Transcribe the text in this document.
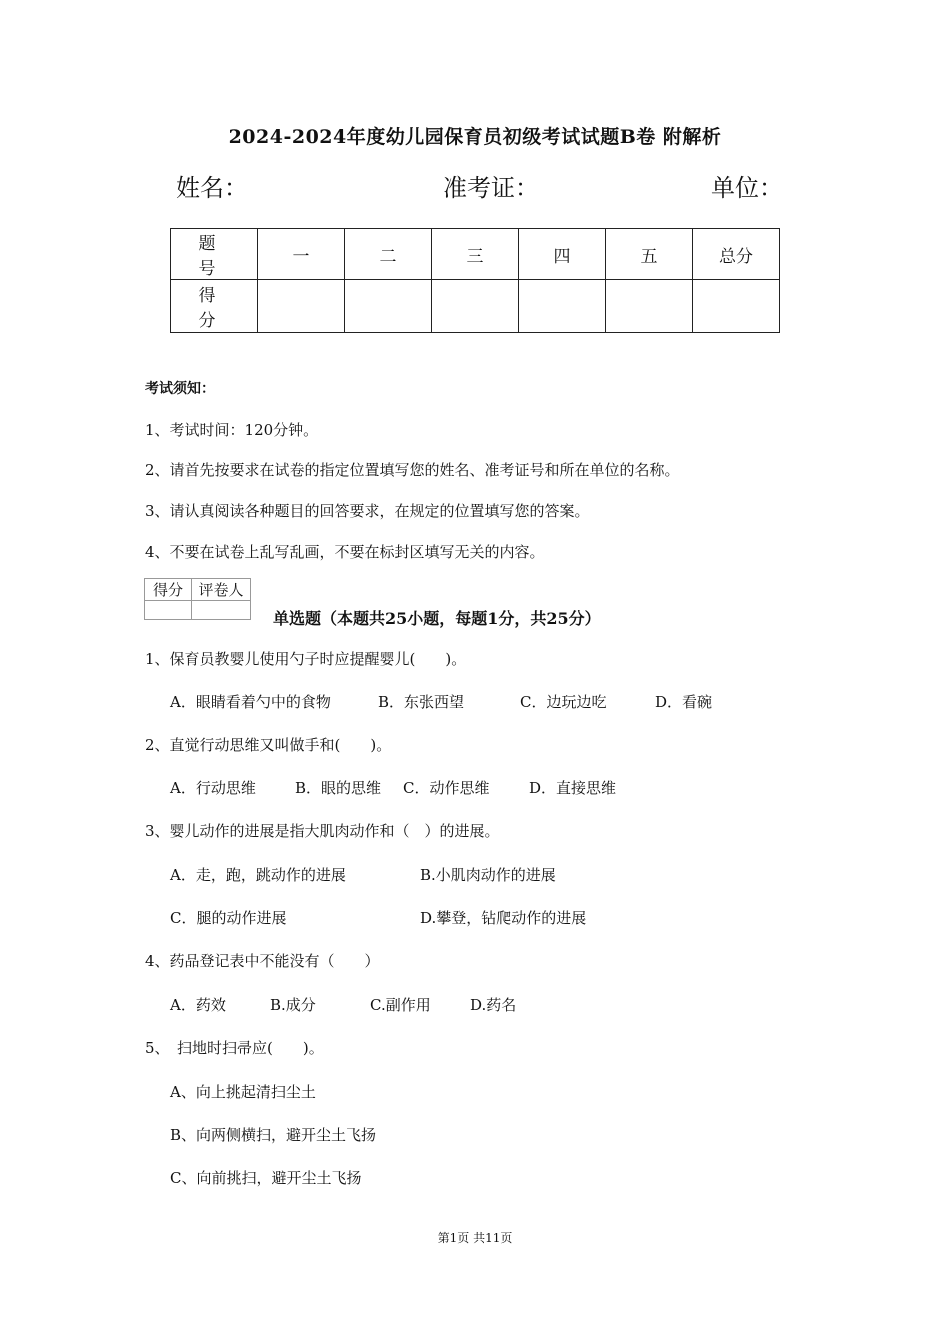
2024-2024年度幼儿园保育员初级考试试题B卷 附解析
姓名：	准考证：	单位：
题　号	一	二	三	四	五	总分
得　分						
考试须知：
1、考试时间：120分钟。
2、请首先按要求在试卷的指定位置填写您的姓名、准考证号和所在单位的名称。
3、请认真阅读各种题目的回答要求，在规定的位置填写您的答案。
4、不要在试卷上乱写乱画，不要在标封区填写无关的内容。
得分	评卷人

单选题（本题共25小题，每题1分，共25分）
1、保育员教婴儿使用勺子时应提醒婴儿(　　)。
A．眼睛看着勺中的食物	B．东张西望	C．边玩边吃	D．看碗
2、直觉行动思维又叫做手和(　　)。
A．行动思维	B．眼的思维 C．动作思维	D．直接思维
3、婴儿动作的进展是指大肌肉动作和（　）的进展。
A．走，跑，跳动作的进展	B.小肌肉动作的进展
C．腿的动作进展	D.攀登，钻爬动作的进展
4、药品登记表中不能没有（　　）
A．药效	B.成分	C.副作用	D.药名
5、　扫地时扫帚应(　　)。
A、向上挑起清扫尘土
B、向两侧横扫，避开尘土飞扬
C、向前挑扫，避开尘土飞扬
第1页 共11页
